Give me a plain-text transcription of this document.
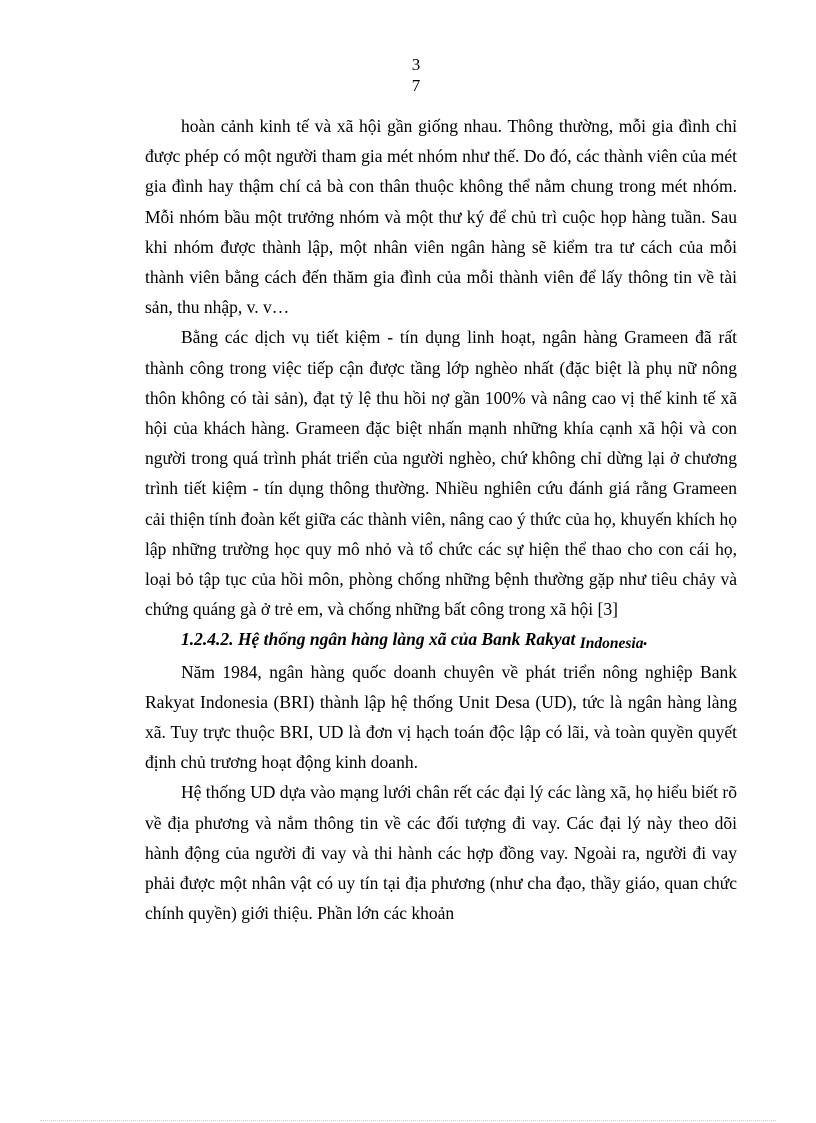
3
7

hoàn cảnh kinh tế và xã hội gần giống nhau. Thông thường, mỗi gia đình chỉ được phép có một người tham gia mét nhóm như thế. Do đó, các thành viên của mét gia đình hay thậm chí cả bà con thân thuộc không thể nằm chung trong mét nhóm. Mỗi nhóm bầu một trưởng nhóm và một thư ký để chủ trì cuộc họp hàng tuần. Sau khi nhóm được thành lập, một nhân viên ngân hàng sẽ kiểm tra tư cách của mỗi thành viên bằng cách đến thăm gia đình của mỗi thành viên để lấy thông tin về tài sản, thu nhập, v. v…

Bằng các dịch vụ tiết kiệm - tín dụng linh hoạt, ngân hàng Grameen đã rất thành công trong việc tiếp cận được tầng lớp nghèo nhất (đặc biệt là phụ nữ nông thôn không có tài sản), đạt tỷ lệ thu hồi nợ gần 100% và nâng cao vị thế kinh tế xã hội của khách hàng. Grameen đặc biệt nhấn mạnh những khía cạnh xã hội và con người trong quá trình phát triển của người nghèo, chứ không chỉ dừng lại ở chương trình tiết kiệm - tín dụng thông thường. Nhiều nghiên cứu đánh giá rằng Grameen cải thiện tính đoàn kết giữa các thành viên, nâng cao ý thức của họ, khuyến khích họ lập những trường học quy mô nhỏ và tổ chức các sự hiện thể thao cho con cái họ, loại bỏ tập tục của hồi môn, phòng chống những bệnh thường gặp như tiêu chảy và chứng quáng gà ở trẻ em, và chống những bất công trong xã hội [3]

1.2.4.2. Hệ thống ngân hàng làng xã của Bank Rakyat Indonesia.

Năm 1984, ngân hàng quốc doanh chuyên về phát triển nông nghiệp Bank Rakyat Indonesia (BRI) thành lập hệ thống Unit Desa (UD), tức là ngân hàng làng xã. Tuy trực thuộc BRI, UD là đơn vị hạch toán độc lập có lãi, và toàn quyền quyết định chủ trương hoạt động kinh doanh.

Hệ thống UD dựa vào mạng lưới chân rết các đại lý các làng xã, họ hiểu biết rõ về địa phương và nắm thông tin về các đối tượng đi vay. Các đại lý này theo dõi hành động của người đi vay và thi hành các hợp đồng vay. Ngoài ra, người đi vay phải được một nhân vật có uy tín tại địa phương (như cha đạo, thầy giáo, quan chức chính quyền) giới thiệu. Phần lớn các khoản
